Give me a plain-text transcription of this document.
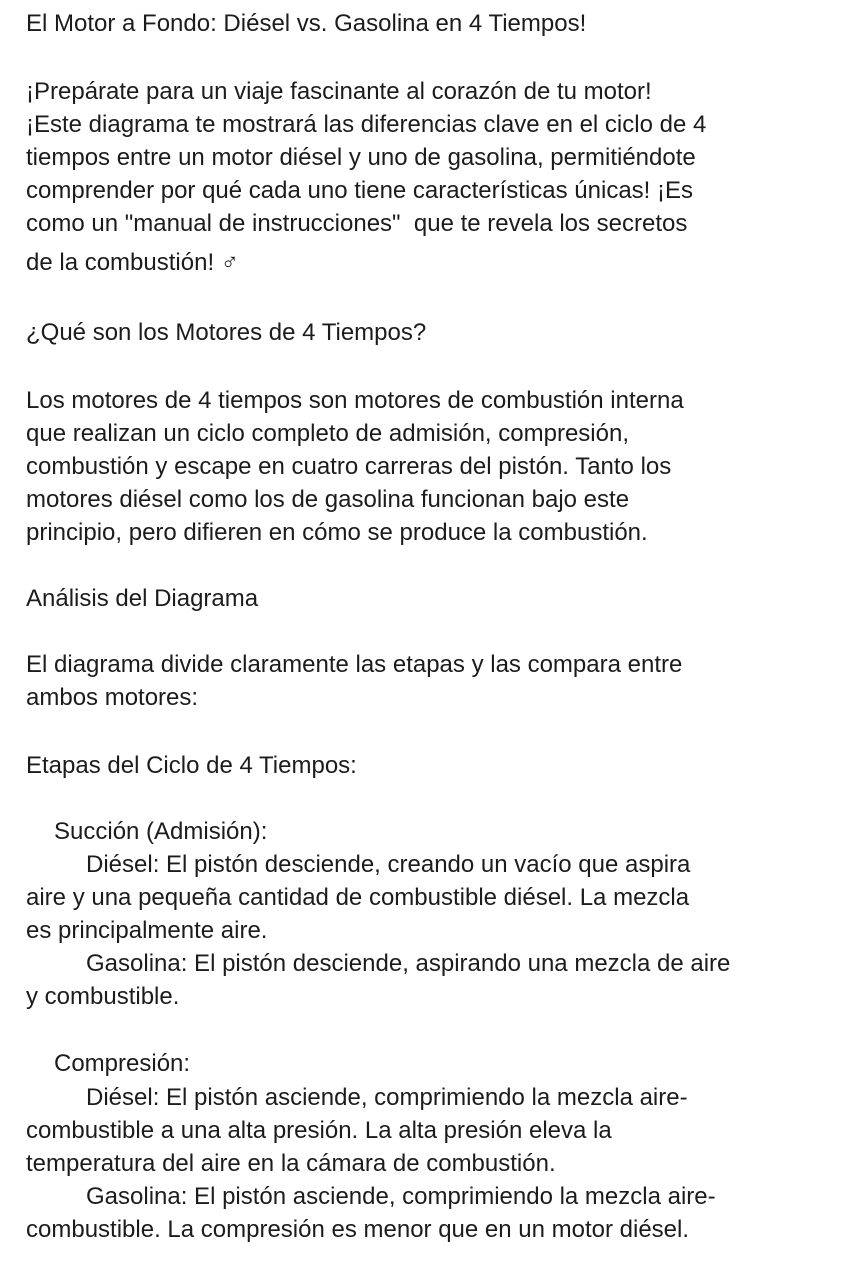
El Motor a Fondo: Diésel vs. Gasolina en 4 Tiempos!
¡Prepárate para un viaje fascinante al corazón de tu motor!
¡Este diagrama te mostrará las diferencias clave en el ciclo de 4
tiempos entre un motor diésel y uno de gasolina, permitiéndote
comprender por qué cada uno tiene características únicas! ¡Es
como un "manual de instrucciones"  que te revela los secretos
de la combustión! ♂
¿Qué son los Motores de 4 Tiempos?
Los motores de 4 tiempos son motores de combustión interna
que realizan un ciclo completo de admisión, compresión,
combustión y escape en cuatro carreras del pistón. Tanto los
motores diésel como los de gasolina funcionan bajo este
principio, pero difieren en cómo se produce la combustión.
Análisis del Diagrama
El diagrama divide claramente las etapas y las compara entre
ambos motores:
Etapas del Ciclo de 4 Tiempos:
Succión (Admisión):
Diésel: El pistón desciende, creando un vacío que aspira
aire y una pequeña cantidad de combustible diésel. La mezcla
es principalmente aire.
Gasolina: El pistón desciende, aspirando una mezcla de aire
y combustible.
Compresión:
Diésel: El pistón asciende, comprimiendo la mezcla aire-
combustible a una alta presión. La alta presión eleva la
temperatura del aire en la cámara de combustión.
Gasolina: El pistón asciende, comprimiendo la mezcla aire-
combustible. La compresión es menor que en un motor diésel.
